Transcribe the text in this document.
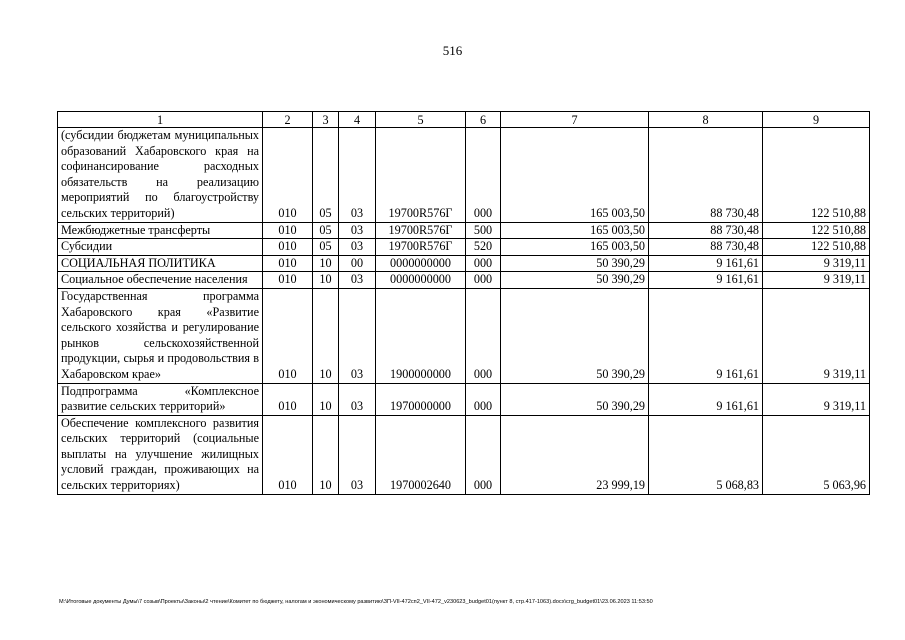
516
1	2	3	4	5	6	7	8	9
(субсидии бюджетам муниципальных образований Хабаровского края на софинансирование расходных обязательств на реализацию мероприятий по благоустройству сельских территорий)	010	05	03	19700R576Г	000	165 003,50	88 730,48	122 510,88
Межбюджетные трансферты	010	05	03	19700R576Г	500	165 003,50	88 730,48	122 510,88
Субсидии	010	05	03	19700R576Г	520	165 003,50	88 730,48	122 510,88
СОЦИАЛЬНАЯ ПОЛИТИКА	010	10	00	0000000000	000	50 390,29	9 161,61	9 319,11
Социальное обеспечение населения	010	10	03	0000000000	000	50 390,29	9 161,61	9 319,11
Государственная программа Хабаровского края «Развитие сельского хозяйства и регулирование рынков сельскохозяйственной продукции, сырья и продовольствия в Хабаровском крае»	010	10	03	1900000000	000	50 390,29	9 161,61	9 319,11
Подпрограмма «Комплексное развитие сельских территорий»	010	10	03	1970000000	000	50 390,29	9 161,61	9 319,11
Обеспечение комплексного развития сельских территорий (социальные выплаты на улучшение жилищных условий граждан, проживающих на сельских территориях)	010	10	03	1970002640	000	23 999,19	5 068,83	5 063,96
M:\Итоговые документы Думы\7 созыв\Проекты\Законы\2 чтение\Комитет по бюджету, налогам и экономическому развитию\ЗП-VII-472сп2_VII-472_v230623_budget01(пункт 8, стр.417-1063).docx\crg_budget01\23.06.2023 11:53:50
